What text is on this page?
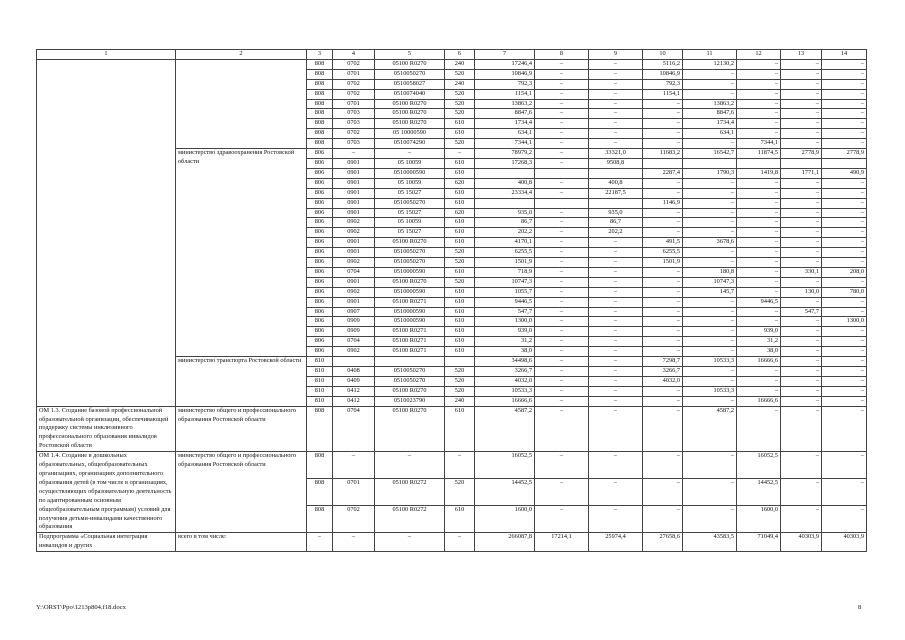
1	2	3	4	5	6	7	8	9	10	11	12	13	14
		808	0702	05100 R0270	240	17246,4	–	–	5116,2	12130,2	–	–	–
		808	0701	0510050270	520	10846,9	–	–	10846,9	–	–	–	–
		808	0702	0510058027	240	792,3	–	–	792,3	–	–	–	–
		808	0702	0510074040	520	1154,1	–	–	1154,1	–	–	–	–
		808	0701	05100 R0270	520	13863,2	–	–	–	13863,2	–	–	–
		808	0703	05100 R0270	520	8847,6	–	–	–	8847,6	–	–	–
		808	0703	05100 R0270	610	1734,4	–	–	–	1734,4	–	–	–
		808	0702	05 10000590	610	634,1	–	–	–	634,1	–	–	–
		808	0703	0510074290	520	7344,1	–	–	–	–	7344,1	–	–
	министерство здравоохранения Ростовской области	806	–	–	–	78979,2	–	33321,0	11683,2	16542,7	11874,5	2778,9	2778,9
		806	0901	05 10059	610	17268,3	–	9508,8					
		806	0901	0510000590	610				2287,4	1790,3	1419,8	1771,1	490,9
		806	0901	05 10059	620	400,8	–	400,8	–	–	–	–	–
		806	0901	05 15027	610	23334,4	–	22187,5	–	–	–	–	–
		806	0901	0510050270	610				1146,9	–	–	–	–
		806	0901	05 15027	620	935,0	–	935,0	–	–	–	–	–
		806	0902	05 10059	610	86,7	–	86,7	–	–	–	–	–
		806	0902	05 15027	610	202,2	–	202,2	–	–	–	–	–
		806	0901	05100 R0270	610	4170,1	–	–	491,5	3678,6	–	–	–
		806	0901	0510050270	520	6255,5	–	–	6255,5	–	–	–	–
		806	0902	0510050270	520	1501,9	–	–	1501,9	–	–	–	–
		806	0704	0510000590	610	718,9	–	–	–	180,8	–	330,1	208,0
		806	0901	05100 R0270	520	10747,3	–	–	–	10747,3	–	–	–
		806	0902	0510000590	610	1055,7	–	–	–	145,7	–	130,0	780,0
		806	0901	05100 R0271	610	9446,5	–	–	–	–	9446,5	–	–
		806	0907	0510000590	610	547,7	–	–	–	–	–	547,7	–
		806	0909	0510000590	610	1300,0	–	–	–	–	–	–	1300,0
		806	0909	05100 R0271	610	939,0	–	–	–	–	939,0	–	–
		806	0704	05100 R0271	610	31,2	–	–	–	–	31,2	–	–
		806	0902	05100 R0271	610	38,0	–	–	–	–	38,0	–	–
	министерство транспорта Ростовской области	810				34498,6	–	–	7298,7	10533,3	16666,6	–	–
		810	0408	0510050270	520	3266,7	–	–	3266,7	–	–	–	–
		810	0409	0510050270	520	4032,0	–	–	4032,0	–	–	–	–
		810	0412	05100 R0270	520	10533,3	–	–	–	10533,3	–	–	–
		810	0412	0510023790	240	16666,6	–	–	–	–	16666,6	–	–
ОМ 1.3. Создание базовой профессиональной образовательной организации, обеспечивающей поддержку системы инклюзивного профессионального образования инвалидов Ростовской области	министерство общего и профессионального образования Ростовской области	808	0704	05100 R0270	610	4587,2	–	–	–	4587,2	–	–	–
ОМ 1.4. Создание в дошкольных образовательных, общеобразовательных организациях, организациях дополнительного образования детей (в том числе в организациях, осуществляющих образовательную деятельность по адаптированным основным общеобразовательным программам) условий для получения детьми-инвалидами качественного образования	министерство общего и профессионального образования Ростовской области	808	–	–	–	16052,5	–	–	–	–	16052,5	–	–
		808	0701	05100 R0272	520	14452,5	–	–	–	–	14452,5	–	–
		808	0702	05100 R0272	610	1600,0	–	–	–	–	1600,0	–	–
Подпрограмма «Социальная интеграция инвалидов и других	всего в том числе:	–	–	–	–	266087,8	17214,1	25974,4	27658,6	43583,5	71049,4	40303,9	40303,9
Y:\ORST\Ppo\1213p804.f18.docx	8
